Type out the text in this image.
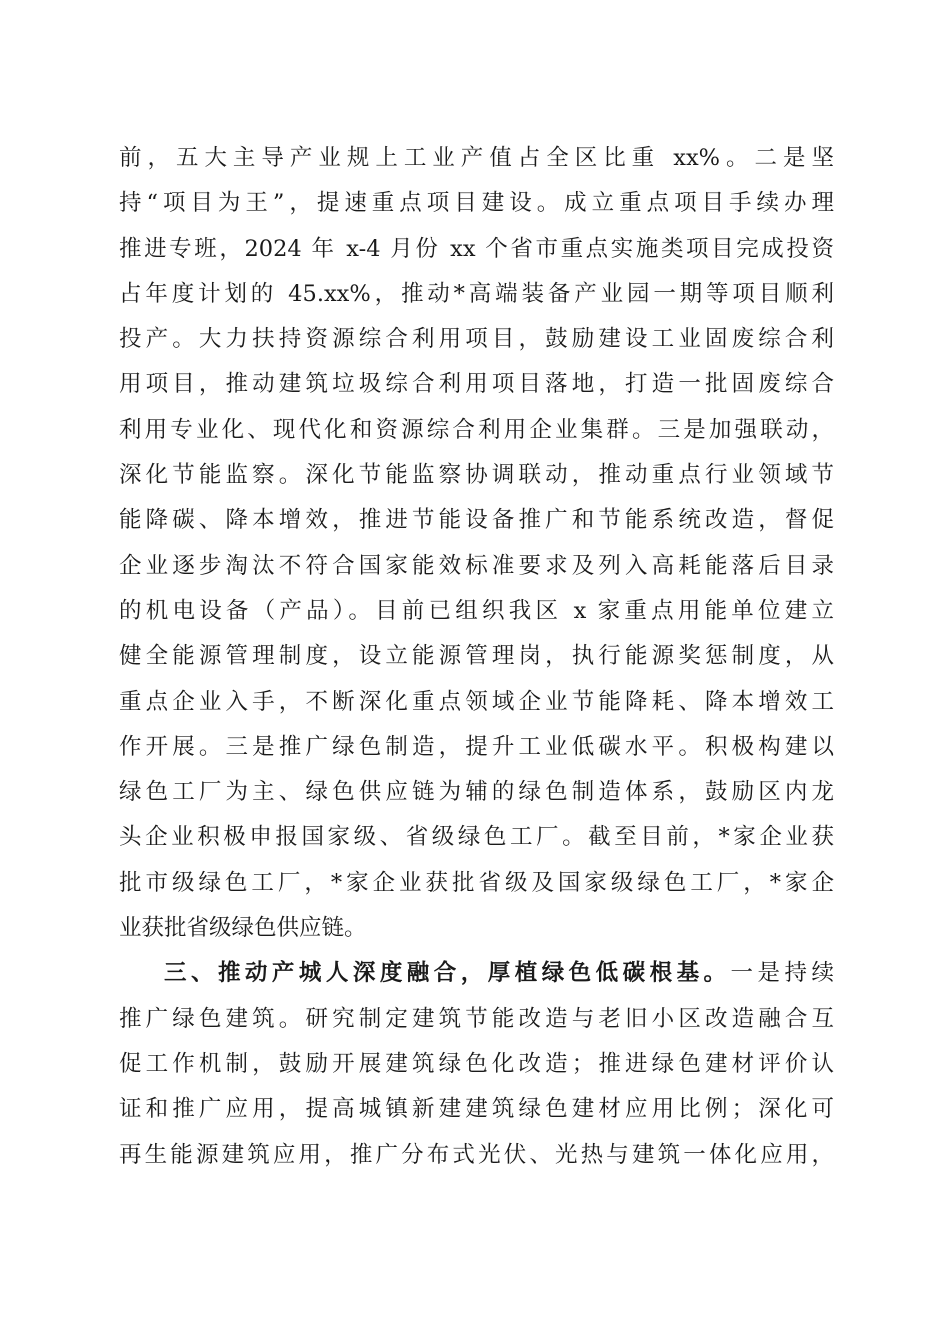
前，五大主导产业规上工业产值占全区比重 xx%。二是坚
持“项目为王”，提速重点项目建设。成立重点项目手续办理
推进专班，2024 年 x-4 月份 xx 个省市重点实施类项目完成投资
占年度计划的 45.xx%，推动*高端装备产业园一期等项目顺利
投产。大力扶持资源综合利用项目，鼓励建设工业固废综合利
用项目，推动建筑垃圾综合利用项目落地，打造一批固废综合
利用专业化、现代化和资源综合利用企业集群。三是加强联动，
深化节能监察。深化节能监察协调联动，推动重点行业领域节
能降碳、降本增效，推进节能设备推广和节能系统改造，督促
企业逐步淘汰不符合国家能效标准要求及列入高耗能落后目录
的机电设备（产品）。目前已组织我区 x 家重点用能单位建立
健全能源管理制度，设立能源管理岗，执行能源奖惩制度，从
重点企业入手，不断深化重点领域企业节能降耗、降本增效工
作开展。三是推广绿色制造，提升工业低碳水平。积极构建以
绿色工厂为主、绿色供应链为辅的绿色制造体系，鼓励区内龙
头企业积极申报国家级、省级绿色工厂。截至目前，*家企业获
批市级绿色工厂，*家企业获批省级及国家级绿色工厂，*家企
业获批省级绿色供应链。
三、推动产城人深度融合，厚植绿色低碳根基。一是持续
推广绿色建筑。研究制定建筑节能改造与老旧小区改造融合互
促工作机制，鼓励开展建筑绿色化改造；推进绿色建材评价认
证和推广应用，提高城镇新建建筑绿色建材应用比例；深化可
再生能源建筑应用，推广分布式光伏、光热与建筑一体化应用，
